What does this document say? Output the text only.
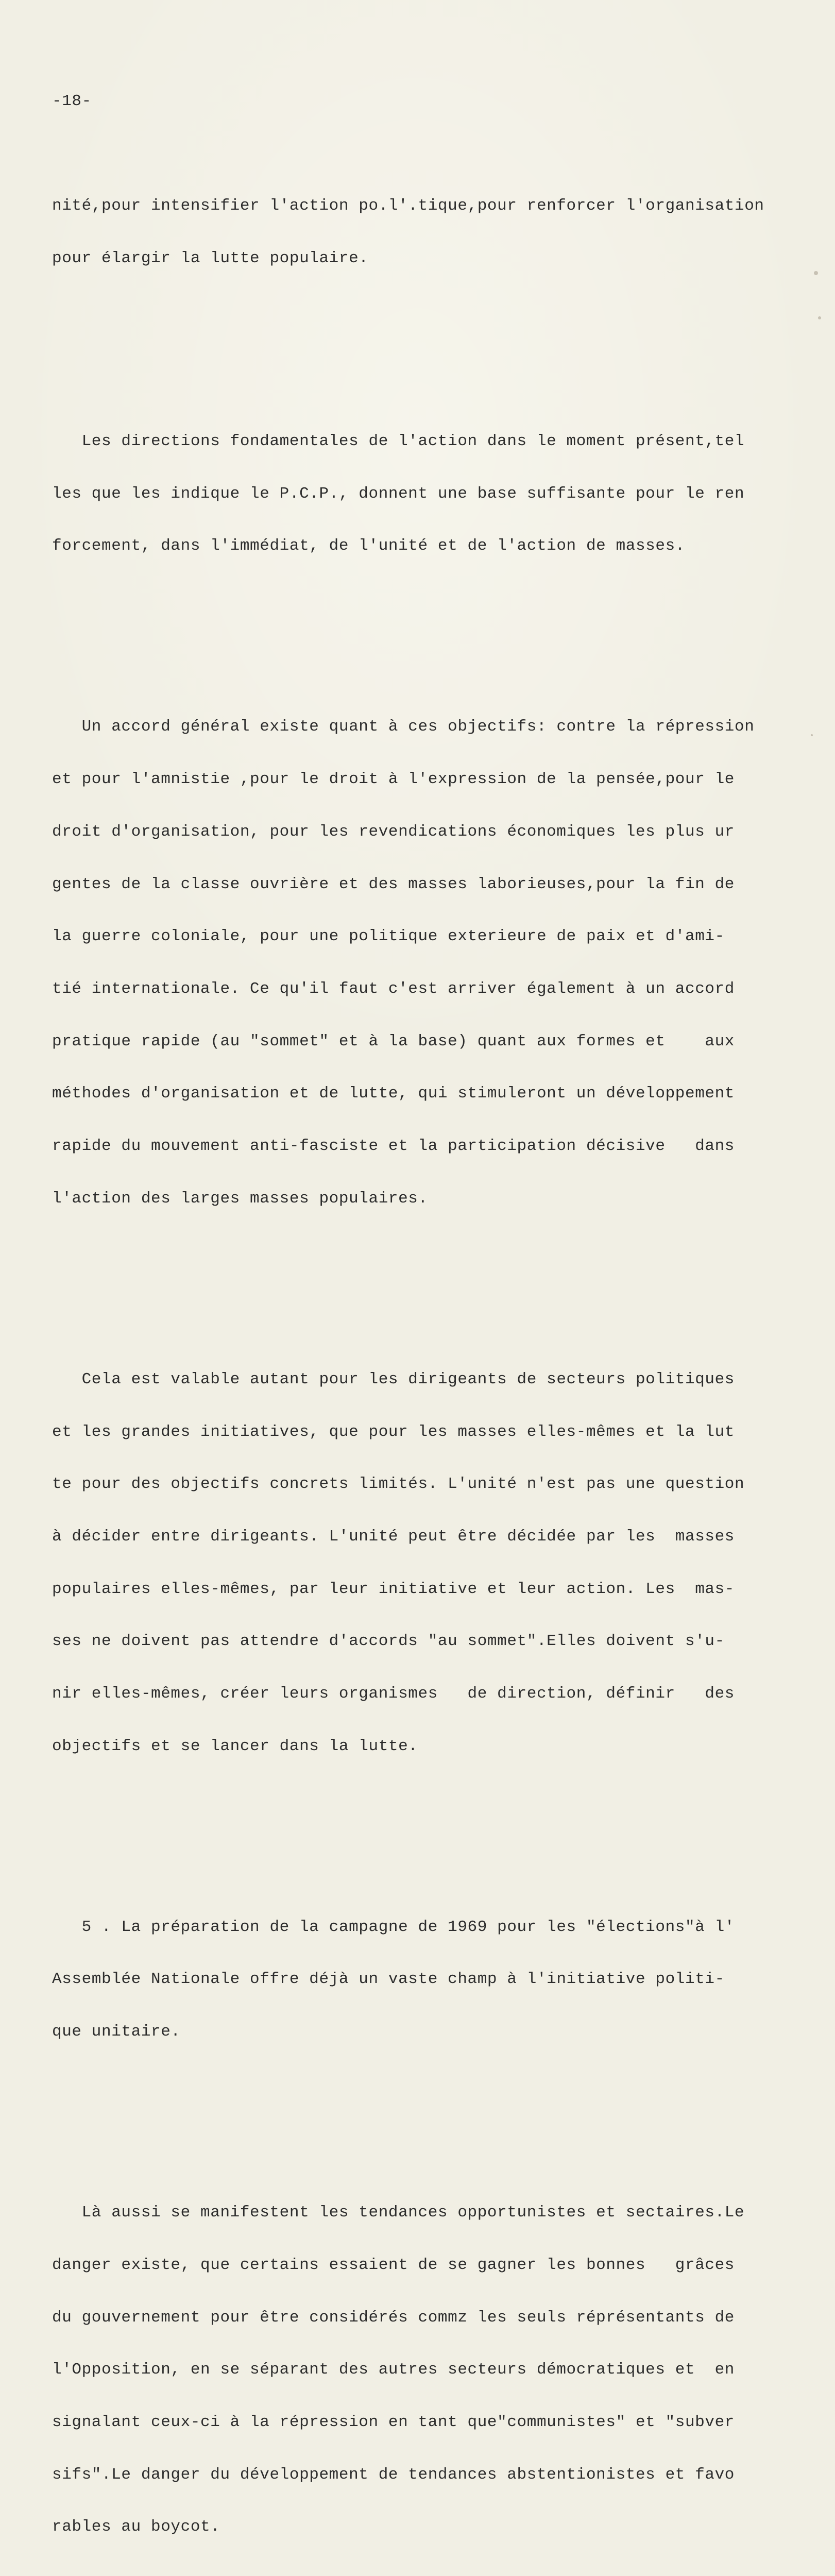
-18-

nité,pour intensifier l'action po.l'.tique,pour renforcer l'organisation

pour élargir la lutte populaire.

Les directions fondamentales de l'action dans le moment présent,tel

les que les indique le P.C.P., donnent une base suffisante pour le ren

forcement, dans l'immédiat, de l'unité et de l'action de masses.

Un accord général existe quant à ces objectifs: contre la répression

et pour l'amnistie ,pour le droit à l'expression de la pensée,pour le

droit d'organisation, pour les revendications économiques les plus ur

gentes de la classe ouvrière et des masses laborieuses,pour la fin de

la guerre coloniale, pour une politique exterieure de paix et d'ami-

tié internationale. Ce qu'il faut c'est arriver également à un accord

pratique rapide (au "sommet" et à la base) quant aux formes et    aux

méthodes d'organisation et de lutte, qui stimuleront un développement

rapide du mouvement anti-fasciste et la participation décisive   dans

l'action des larges masses populaires.

Cela est valable autant pour les dirigeants de secteurs politiques

et les grandes initiatives, que pour les masses elles-mêmes et la lut

te pour des objectifs concrets limités. L'unité n'est pas une question

à décider entre dirigeants. L'unité peut être décidée par les  masses

populaires elles-mêmes, par leur initiative et leur action. Les  mas-

ses ne doivent pas attendre d'accords "au sommet".Elles doivent s'u-

nir elles-mêmes, créer leurs organismes   de direction, définir   des

objectifs et se lancer dans la lutte.

5 . La préparation de la campagne de 1969 pour les "élections"à l'

Assemblée Nationale offre déjà un vaste champ à l'initiative politi-

que unitaire.

Là aussi se manifestent les tendances opportunistes et sectaires.Le

danger existe, que certains essaient de se gagner les bonnes   grâces

du gouvernement pour être considérés commz les seuls réprésentants de

l'Opposition, en se séparant des autres secteurs démocratiques et  en

signalant ceux-ci à la répression en tant que"communistes" et "subver

sifs".Le danger du développement de tendances abstentionistes et favo

rables au boycot.
